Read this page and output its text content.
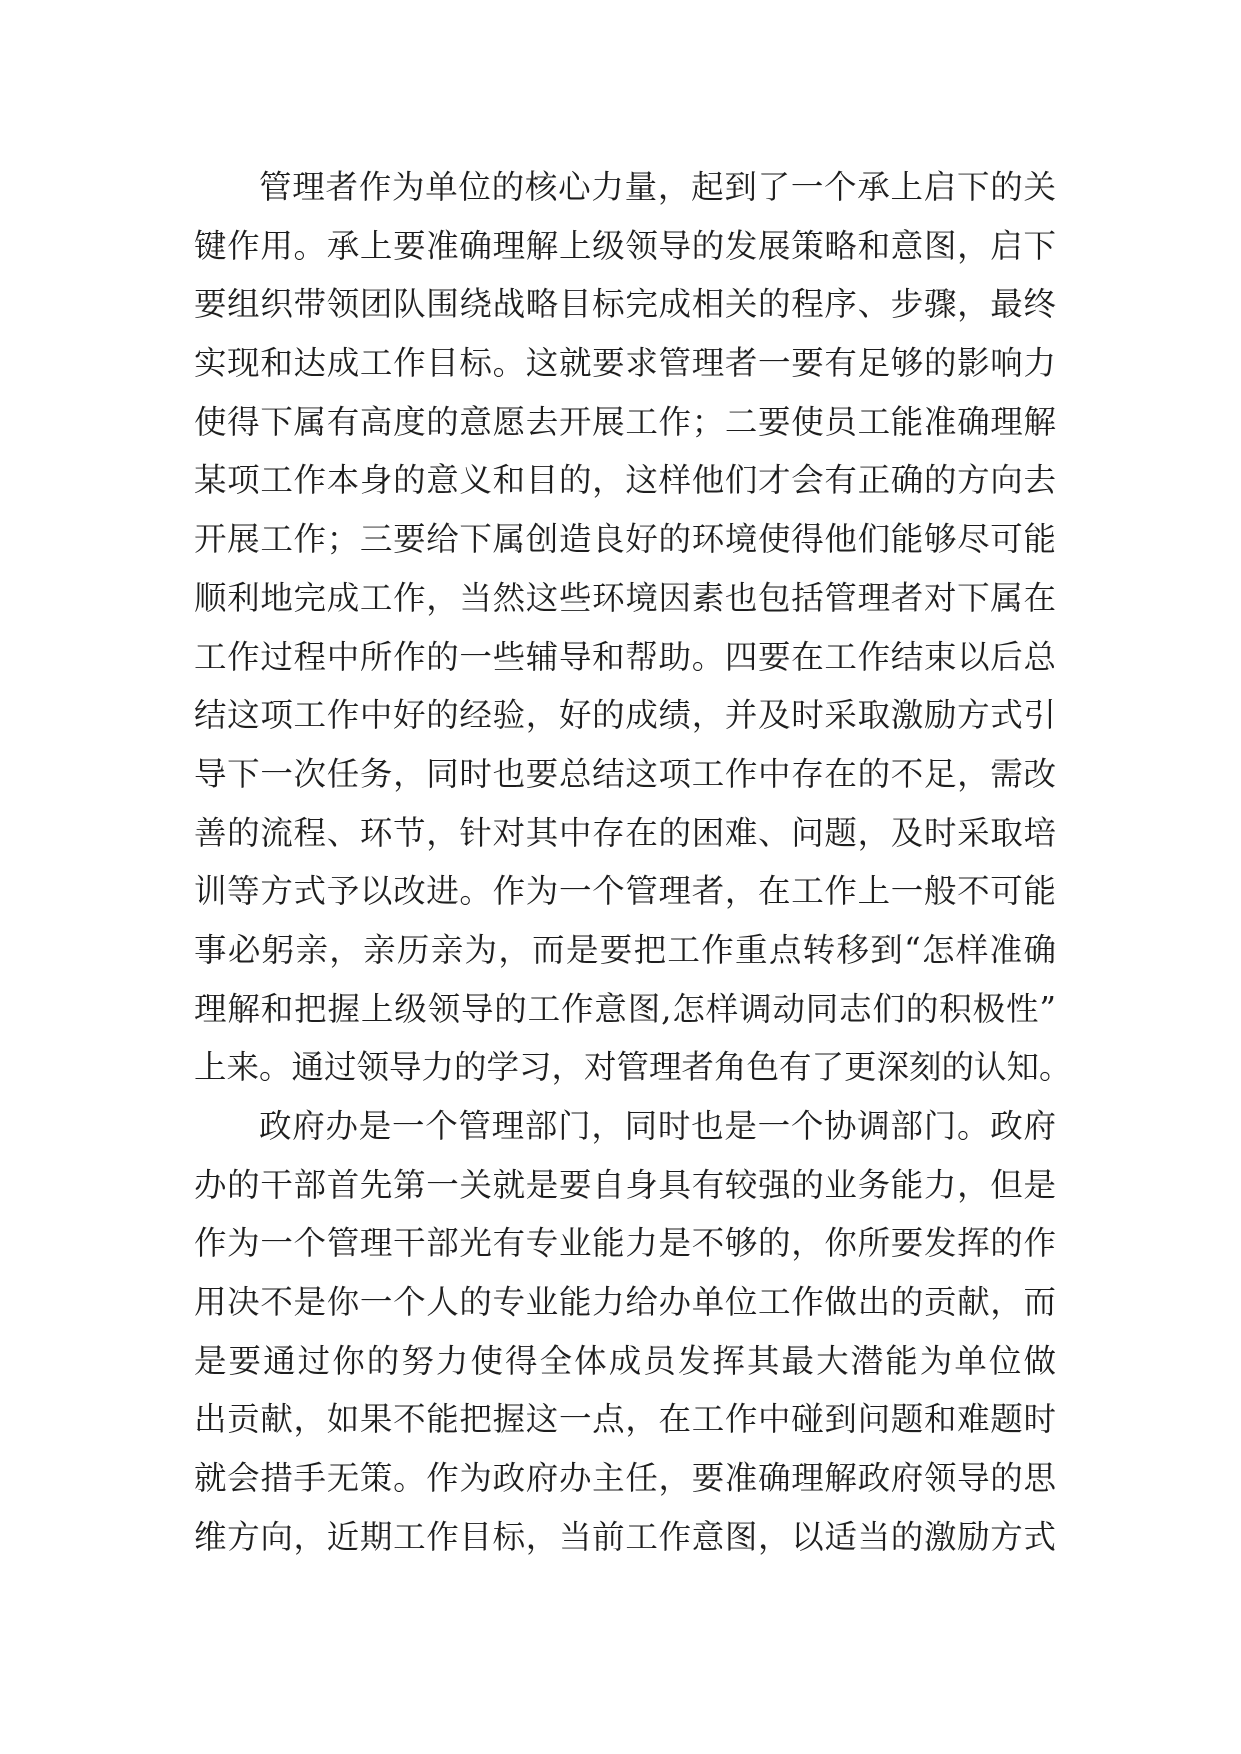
管理者作为单位的核心力量，起到了一个承上启下的关
键作用。承上要准确理解上级领导的发展策略和意图，启下
要组织带领团队围绕战略目标完成相关的程序、步骤，最终
实现和达成工作目标。这就要求管理者一要有足够的影响力
使得下属有高度的意愿去开展工作；二要使员工能准确理解
某项工作本身的意义和目的，这样他们才会有正确的方向去
开展工作；三要给下属创造良好的环境使得他们能够尽可能
顺利地完成工作，当然这些环境因素也包括管理者对下属在
工作过程中所作的一些辅导和帮助。四要在工作结束以后总
结这项工作中好的经验，好的成绩，并及时采取激励方式引
导下一次任务，同时也要总结这项工作中存在的不足，需改
善的流程、环节，针对其中存在的困难、问题，及时采取培
训等方式予以改进。作为一个管理者，在工作上一般不可能
事必躬亲，亲历亲为，而是要把工作重点转移到“怎样准确
理解和把握上级领导的工作意图,怎样调动同志们的积极性”
上来。通过领导力的学习，对管理者角色有了更深刻的认知。
政府办是一个管理部门，同时也是一个协调部门。政府
办的干部首先第一关就是要自身具有较强的业务能力，但是
作为一个管理干部光有专业能力是不够的，你所要发挥的作
用决不是你一个人的专业能力给办单位工作做出的贡献，而
是要通过你的努力使得全体成员发挥其最大潜能为单位做
出贡献，如果不能把握这一点，在工作中碰到问题和难题时
就会措手无策。作为政府办主任，要准确理解政府领导的思
维方向，近期工作目标，当前工作意图，以适当的激励方式
